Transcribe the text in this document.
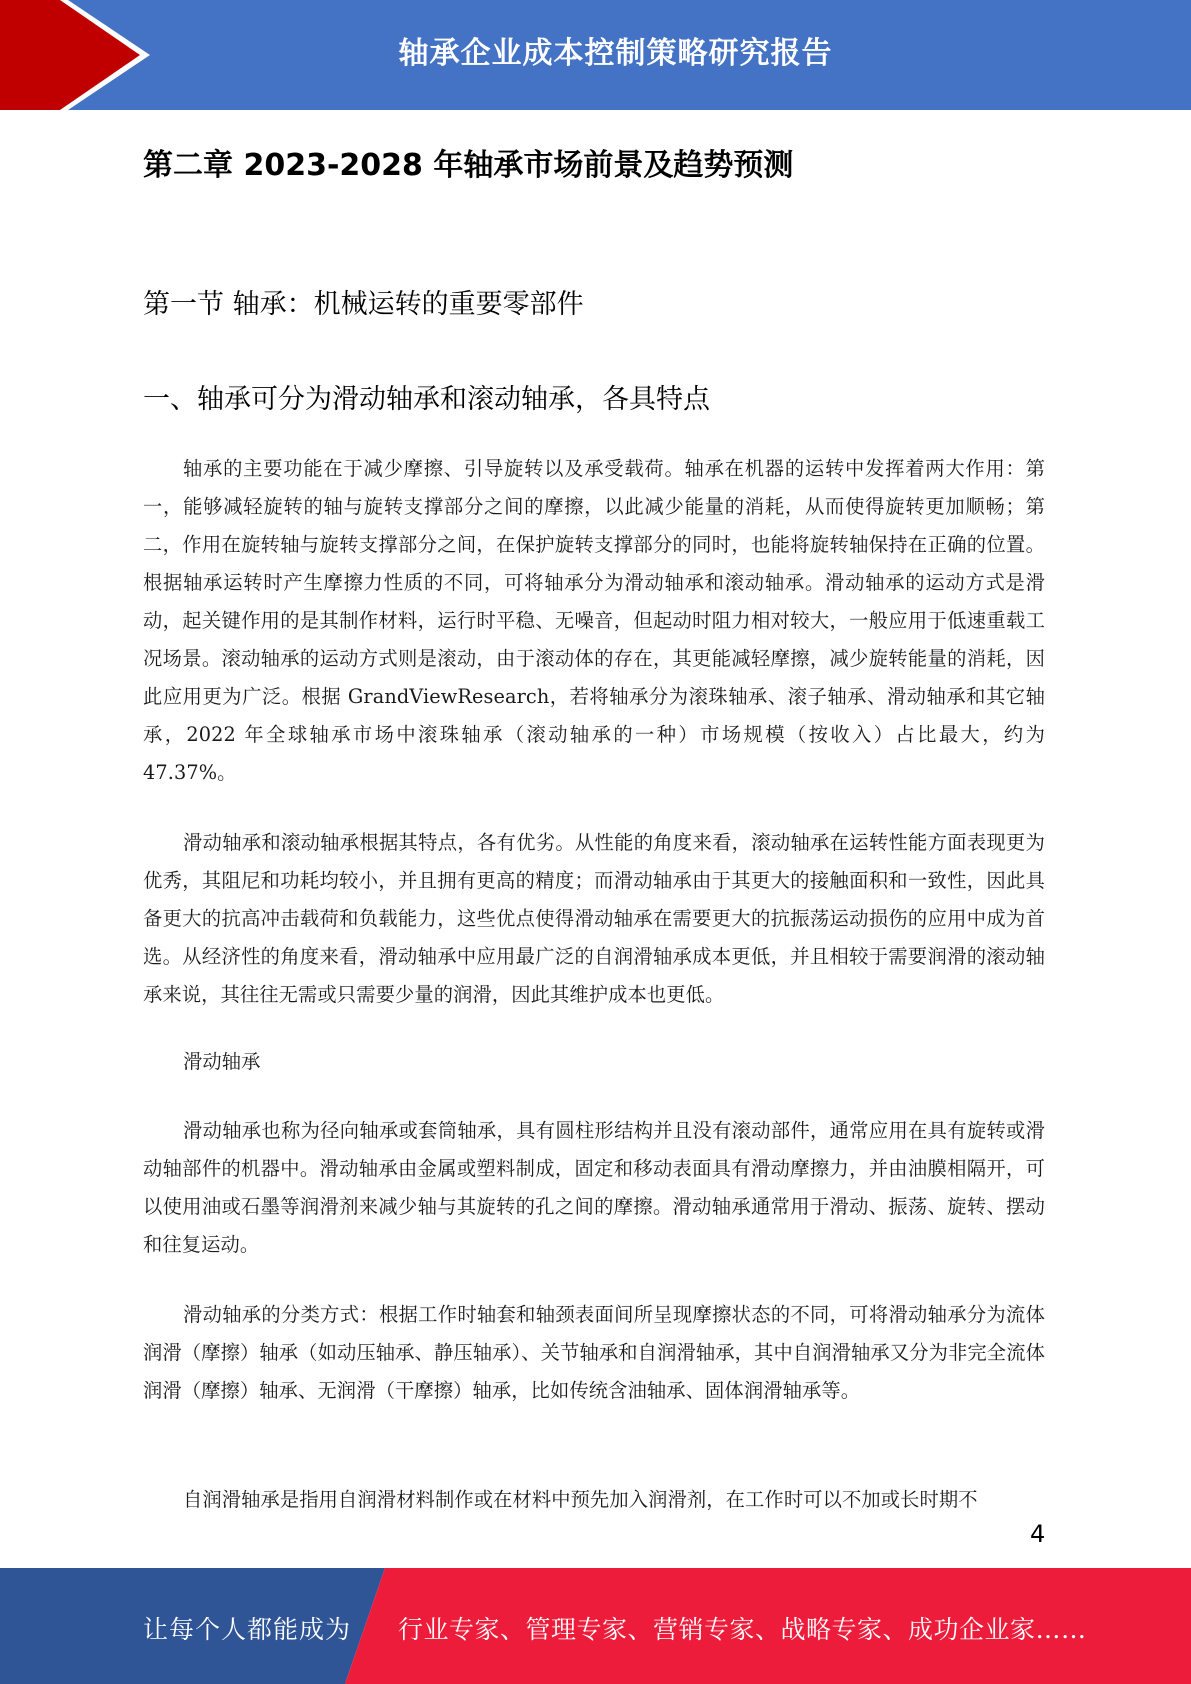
轴承企业成本控制策略研究报告
第二章 2023-2028 年轴承市场前景及趋势预测
第一节 轴承：机械运转的重要零部件
一、轴承可分为滑动轴承和滚动轴承，各具特点

轴承的主要功能在于减少摩擦、引导旋转以及承受载荷。轴承在机器的运转中发挥着两大作用：第一，能够减轻旋转的轴与旋转支撑部分之间的摩擦，以此减少能量的消耗，从而使得旋转更加顺畅；第二，作用在旋转轴与旋转支撑部分之间，在保护旋转支撑部分的同时，也能将旋转轴保持在正确的位置。根据轴承运转时产生摩擦力性质的不同，可将轴承分为滑动轴承和滚动轴承。滑动轴承的运动方式是滑动，起关键作用的是其制作材料，运行时平稳、无噪音，但起动时阻力相对较大，一般应用于低速重载工况场景。滚动轴承的运动方式则是滚动，由于滚动体的存在，其更能减轻摩擦，减少旋转能量的消耗，因此应用更为广泛。根据 GrandViewResearch，若将轴承分为滚珠轴承、滚子轴承、滑动轴承和其它轴承，2022 年全球轴承市场中滚珠轴承（滚动轴承的一种）市场规模（按收入）占比最大，约为 47.37%。

滑动轴承和滚动轴承根据其特点，各有优劣。从性能的角度来看，滚动轴承在运转性能方面表现更为优秀，其阻尼和功耗均较小，并且拥有更高的精度；而滑动轴承由于其更大的接触面积和一致性，因此具备更大的抗高冲击载荷和负载能力，这些优点使得滑动轴承在需要更大的抗振荡运动损伤的应用中成为首选。从经济性的角度来看，滑动轴承中应用最广泛的自润滑轴承成本更低，并且相较于需要润滑的滚动轴承来说，其往往无需或只需要少量的润滑，因此其维护成本也更低。

滑动轴承

滑动轴承也称为径向轴承或套筒轴承，具有圆柱形结构并且没有滚动部件，通常应用在具有旋转或滑动轴部件的机器中。滑动轴承由金属或塑料制成，固定和移动表面具有滑动摩擦力，并由油膜相隔开，可以使用油或石墨等润滑剂来减少轴与其旋转的孔之间的摩擦。滑动轴承通常用于滑动、振荡、旋转、摆动和往复运动。

滑动轴承的分类方式：根据工作时轴套和轴颈表面间所呈现摩擦状态的不同，可将滑动轴承分为流体润滑（摩擦）轴承（如动压轴承、静压轴承）、关节轴承和自润滑轴承，其中自润滑轴承又分为非完全流体润滑（摩擦）轴承、无润滑（干摩擦）轴承，比如传统含油轴承、固体润滑轴承等。

自润滑轴承是指用自润滑材料制作或在材料中预先加入润滑剂，在工作时可以不加或长时期不

4
让每个人都能成为 行业专家、管理专家、营销专家、战略专家、成功企业家……
